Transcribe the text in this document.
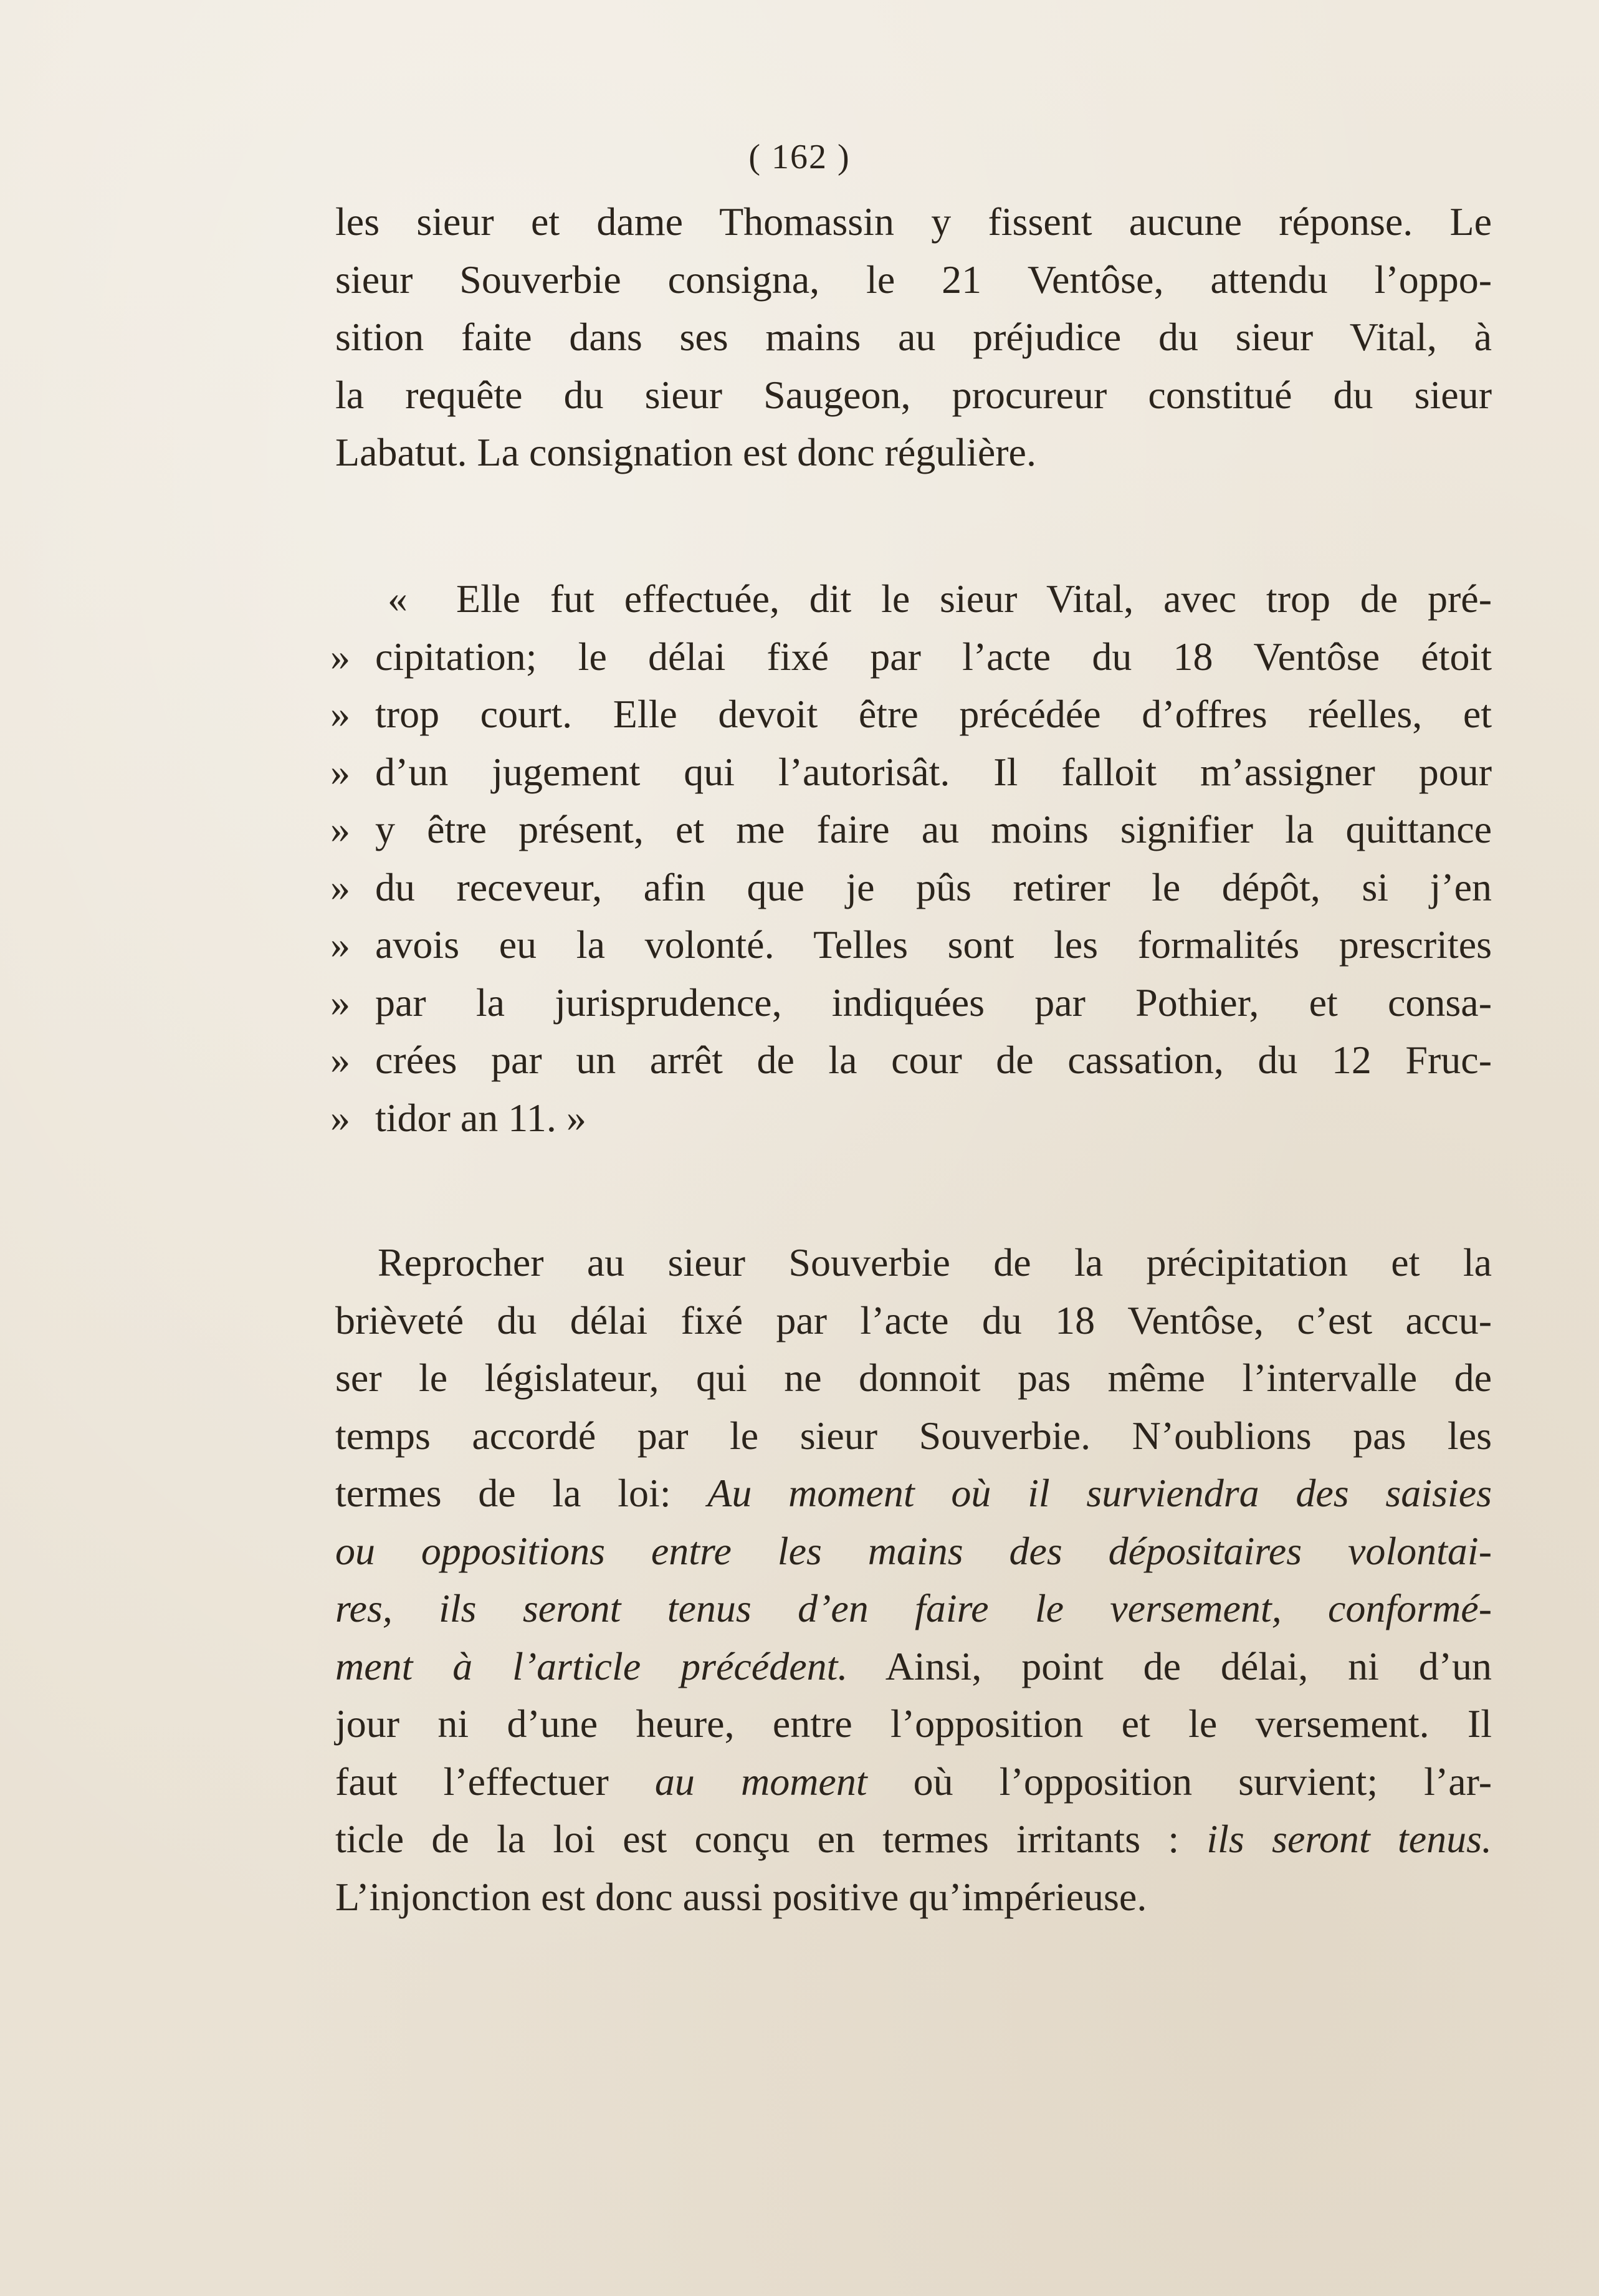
( 162 )
les sieur et dame Thomassin y fissent aucune réponse. Le
sieur Souverbie consigna, le 21 Ventôse, attendu l’oppo-
sition faite dans ses mains au préjudice du sieur Vital, à
la requête du sieur Saugeon, procureur constitué du sieur
Labatut. La consignation est donc régulière.
«	Elle fut effectuée, dit le sieur Vital, avec trop de pré-
» cipitation; le délai fixé par l’acte du 18 Ventôse étoit
» trop court. Elle devoit être précédée d’offres réelles, et
» d’un jugement qui l’autorisât. Il falloit m’assigner pour
» y être présent, et me faire au moins signifier la quittance
» du receveur, afin que je pûs retirer le dépôt, si j’en
» avois eu la volonté. Telles sont les formalités prescrites
» par la jurisprudence, indiquées par Pothier, et consa-
» crées par un arrêt de la cour de cassation, du 12 Fruc-
» tidor an 11. »
Reprocher au sieur Souverbie de la précipitation et la
brièveté du délai fixé par l’acte du 18 Ventôse, c’est accu-
ser le législateur, qui ne donnoit pas même l’intervalle de
temps accordé par le sieur Souverbie. N’oublions pas les
termes de la loi: Au moment où il surviendra des saisies
ou oppositions entre les mains des dépositaires volontai-
res, ils seront tenus d’en faire le versement, conformé-
ment à l’article précédent. Ainsi, point de délai, ni d’un
jour ni d’une heure, entre l’opposition et le versement. Il
faut l’effectuer au moment où l’opposition survient; l’ar-
ticle de la loi est conçu en termes irritants : ils seront tenus.
L’injonction est donc aussi positive qu’impérieuse.
